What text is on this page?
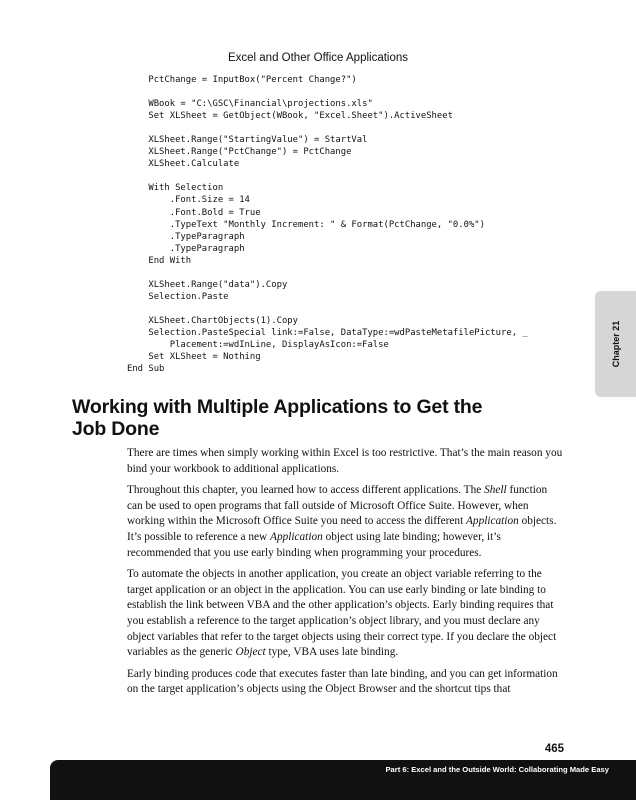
Excel and Other Office Applications
PctChange = InputBox("Percent Change?")
WBook = "C:\GSC\Financial\projections.xls"
Set XLSheet = GetObject(WBook, "Excel.Sheet").ActiveSheet
XLSheet.Range("StartingValue") = StartVal
XLSheet.Range("PctChange") = PctChange
XLSheet.Calculate
With Selection
.Font.Size = 14
.Font.Bold = True
.TypeText "Monthly Increment: " & Format(PctChange, "0.0%")
.TypeParagraph
.TypeParagraph
End With
XLSheet.Range("data").Copy
Selection.Paste
XLSheet.ChartObjects(1).Copy
Selection.PasteSpecial link:=False, DataType:=wdPasteMetafilePicture, _
Placement:=wdInLine, DisplayAsIcon:=False
Set XLSheet = Nothing
End Sub
Chapter 21
Working with Multiple Applications to Get the
Job Done

There are times when simply working within Excel is too restrictive. That’s the main reason you bind your workbook to additional applications.

Throughout this chapter, you learned how to access different applications. The Shell function can be used to open programs that fall outside of Microsoft Office Suite. However, when working within the Microsoft Office Suite you need to access the different Application objects. It’s possible to reference a new Application object using late binding; however, it’s recommended that you use early binding when programming your procedures.

To automate the objects in another application, you create an object variable referring to the target application or an object in the application. You can use early binding or late binding to establish the link between VBA and the other application’s objects. Early binding requires that you establish a reference to the target application’s object library, and you must declare any object variables that refer to the target objects using their correct type. If you declare the object variables as the generic Object type, VBA uses late binding.

Early binding produces code that executes faster than late binding, and you can get information on the target application’s objects using the Object Browser and the shortcut tips that

465
Part 6: Excel and the Outside World: Collaborating Made Easy
